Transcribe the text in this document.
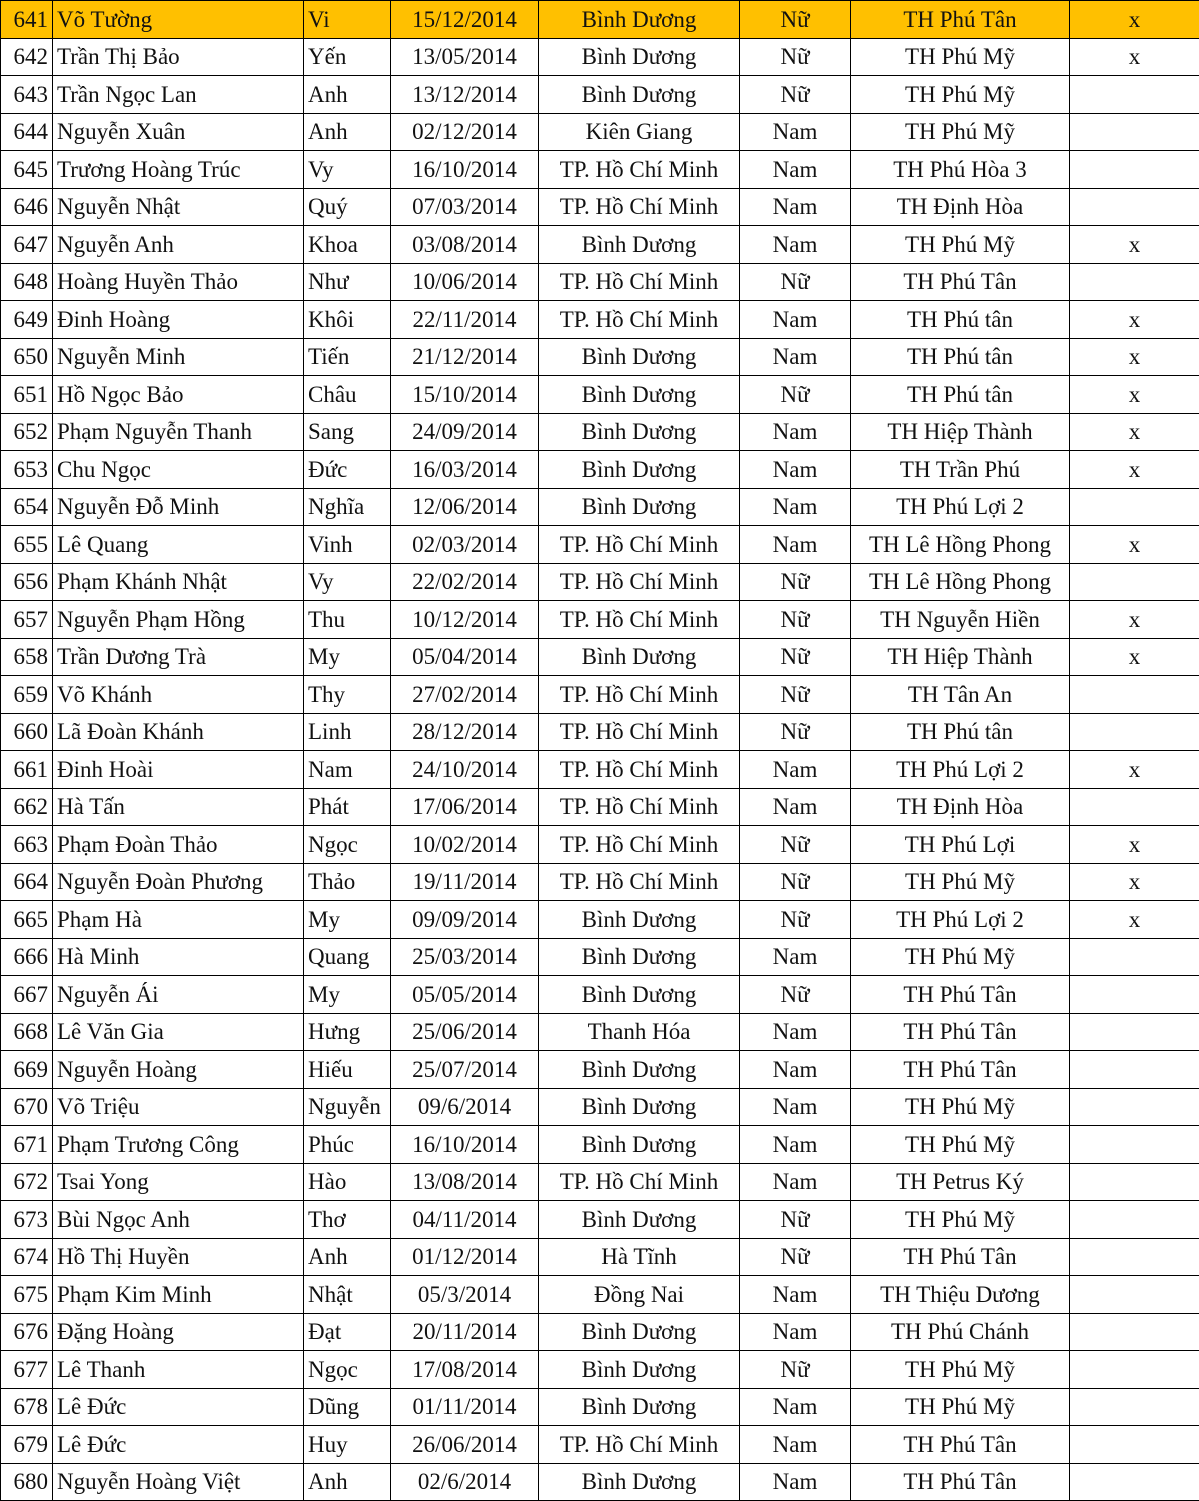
641	Võ Tường	Vi	15/12/2014	Bình Dương	Nữ	TH Phú Tân	x
642	Trần Thị Bảo	Yến	13/05/2014	Bình Dương	Nữ	TH Phú Mỹ	x
643	Trần Ngọc Lan	Anh	13/12/2014	Bình Dương	Nữ	TH Phú Mỹ	
644	Nguyễn Xuân	Anh	02/12/2014	Kiên Giang	Nam	TH Phú Mỹ	
645	Trương Hoàng Trúc	Vy	16/10/2014	TP. Hồ Chí Minh	Nam	TH Phú Hòa 3	
646	Nguyễn Nhật	Quý	07/03/2014	TP. Hồ Chí Minh	Nam	TH Định Hòa	
647	Nguyễn Anh	Khoa	03/08/2014	Bình Dương	Nam	TH Phú Mỹ	x
648	Hoàng Huyền Thảo	Như	10/06/2014	TP. Hồ Chí Minh	Nữ	TH Phú Tân	
649	Đinh Hoàng	Khôi	22/11/2014	TP. Hồ Chí Minh	Nam	TH Phú tân	x
650	Nguyễn Minh	Tiến	21/12/2014	Bình Dương	Nam	TH Phú tân	x
651	Hồ Ngọc Bảo	Châu	15/10/2014	Bình Dương	Nữ	TH Phú tân	x
652	Phạm Nguyễn Thanh	Sang	24/09/2014	Bình Dương	Nam	TH Hiệp Thành	x
653	Chu Ngọc	Đức	16/03/2014	Bình Dương	Nam	TH Trần Phú	x
654	Nguyễn Đỗ Minh	Nghĩa	12/06/2014	Bình Dương	Nam	TH Phú Lợi 2	
655	Lê Quang	Vinh	02/03/2014	TP. Hồ Chí Minh	Nam	TH Lê Hồng Phong	x
656	Phạm Khánh Nhật	Vy	22/02/2014	TP. Hồ Chí Minh	Nữ	TH Lê Hồng Phong	
657	Nguyễn Phạm Hồng	Thu	10/12/2014	TP. Hồ Chí Minh	Nữ	TH Nguyễn Hiền	x
658	Trần Dương Trà	My	05/04/2014	Bình Dương	Nữ	TH Hiệp Thành	x
659	Võ Khánh	Thy	27/02/2014	TP. Hồ Chí Minh	Nữ	TH Tân An	
660	Lã Đoàn Khánh	Linh	28/12/2014	TP. Hồ Chí Minh	Nữ	TH Phú tân	
661	Đinh Hoài	Nam	24/10/2014	TP. Hồ Chí Minh	Nam	TH Phú Lợi 2	x
662	Hà Tấn	Phát	17/06/2014	TP. Hồ Chí Minh	Nam	TH Định Hòa	
663	Phạm Đoàn Thảo	Ngọc	10/02/2014	TP. Hồ Chí Minh	Nữ	TH Phú Lợi	x
664	Nguyễn Đoàn Phương	Thảo	19/11/2014	TP. Hồ Chí Minh	Nữ	TH Phú Mỹ	x
665	Phạm Hà	My	09/09/2014	Bình Dương	Nữ	TH Phú Lợi 2	x
666	Hà Minh	Quang	25/03/2014	Bình Dương	Nam	TH Phú Mỹ	
667	Nguyễn Ái	My	05/05/2014	Bình Dương	Nữ	TH Phú Tân	
668	Lê Văn Gia	Hưng	25/06/2014	Thanh Hóa	Nam	TH Phú Tân	
669	Nguyễn Hoàng	Hiếu	25/07/2014	Bình Dương	Nam	TH Phú Tân	
670	Võ Triệu	Nguyễn	09/6/2014	Bình Dương	Nam	TH Phú Mỹ	
671	Phạm Trương Công	Phúc	16/10/2014	Bình Dương	Nam	TH Phú Mỹ	
672	Tsai Yong	Hào	13/08/2014	TP. Hồ Chí Minh	Nam	TH Petrus Ký	
673	Bùi Ngọc Anh	Thơ	04/11/2014	Bình Dương	Nữ	TH Phú Mỹ	
674	Hồ Thị Huyền	Anh	01/12/2014	Hà Tĩnh	Nữ	TH Phú Tân	
675	Phạm Kim Minh	Nhật	05/3/2014	Đồng Nai	Nam	TH Thiệu Dương	
676	Đặng Hoàng	Đạt	20/11/2014	Bình Dương	Nam	TH Phú Chánh	
677	Lê Thanh	Ngọc	17/08/2014	Bình Dương	Nữ	TH Phú Mỹ	
678	Lê Đức	Dũng	01/11/2014	Bình Dương	Nam	TH Phú Mỹ	
679	Lê Đức	Huy	26/06/2014	TP. Hồ Chí Minh	Nam	TH Phú Tân	
680	Nguyễn Hoàng Việt	Anh	02/6/2014	Bình Dương	Nam	TH Phú Tân	
